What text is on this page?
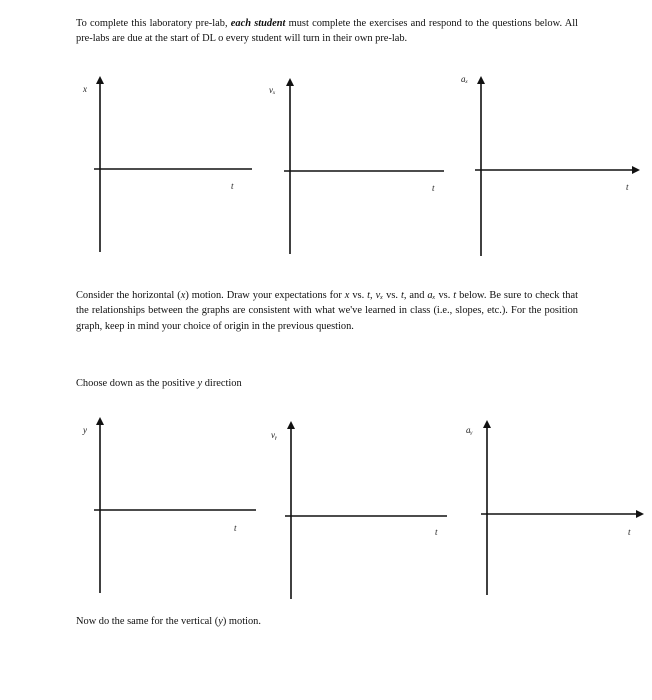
To complete this laboratory pre-lab, each student must complete the exercises and respond to the questions below. All pre-labs are due at the start of DL o every student will turn in their own pre-lab.
x
t
vₓ
t
aₓ
t
Consider the horizontal (x) motion. Draw your expectations for x vs. t, vₓ vs. t, and aₓ vs. t below. Be sure to check that the relationships between the graphs are consistent with what we've learned in class (i.e., slopes, etc.). For the position graph, keep in mind your choice of origin in the previous question.
Choose down as the positive y direction
y
t
vᵧ
t
aᵧ
t
Now do the same for the vertical (y) motion.
